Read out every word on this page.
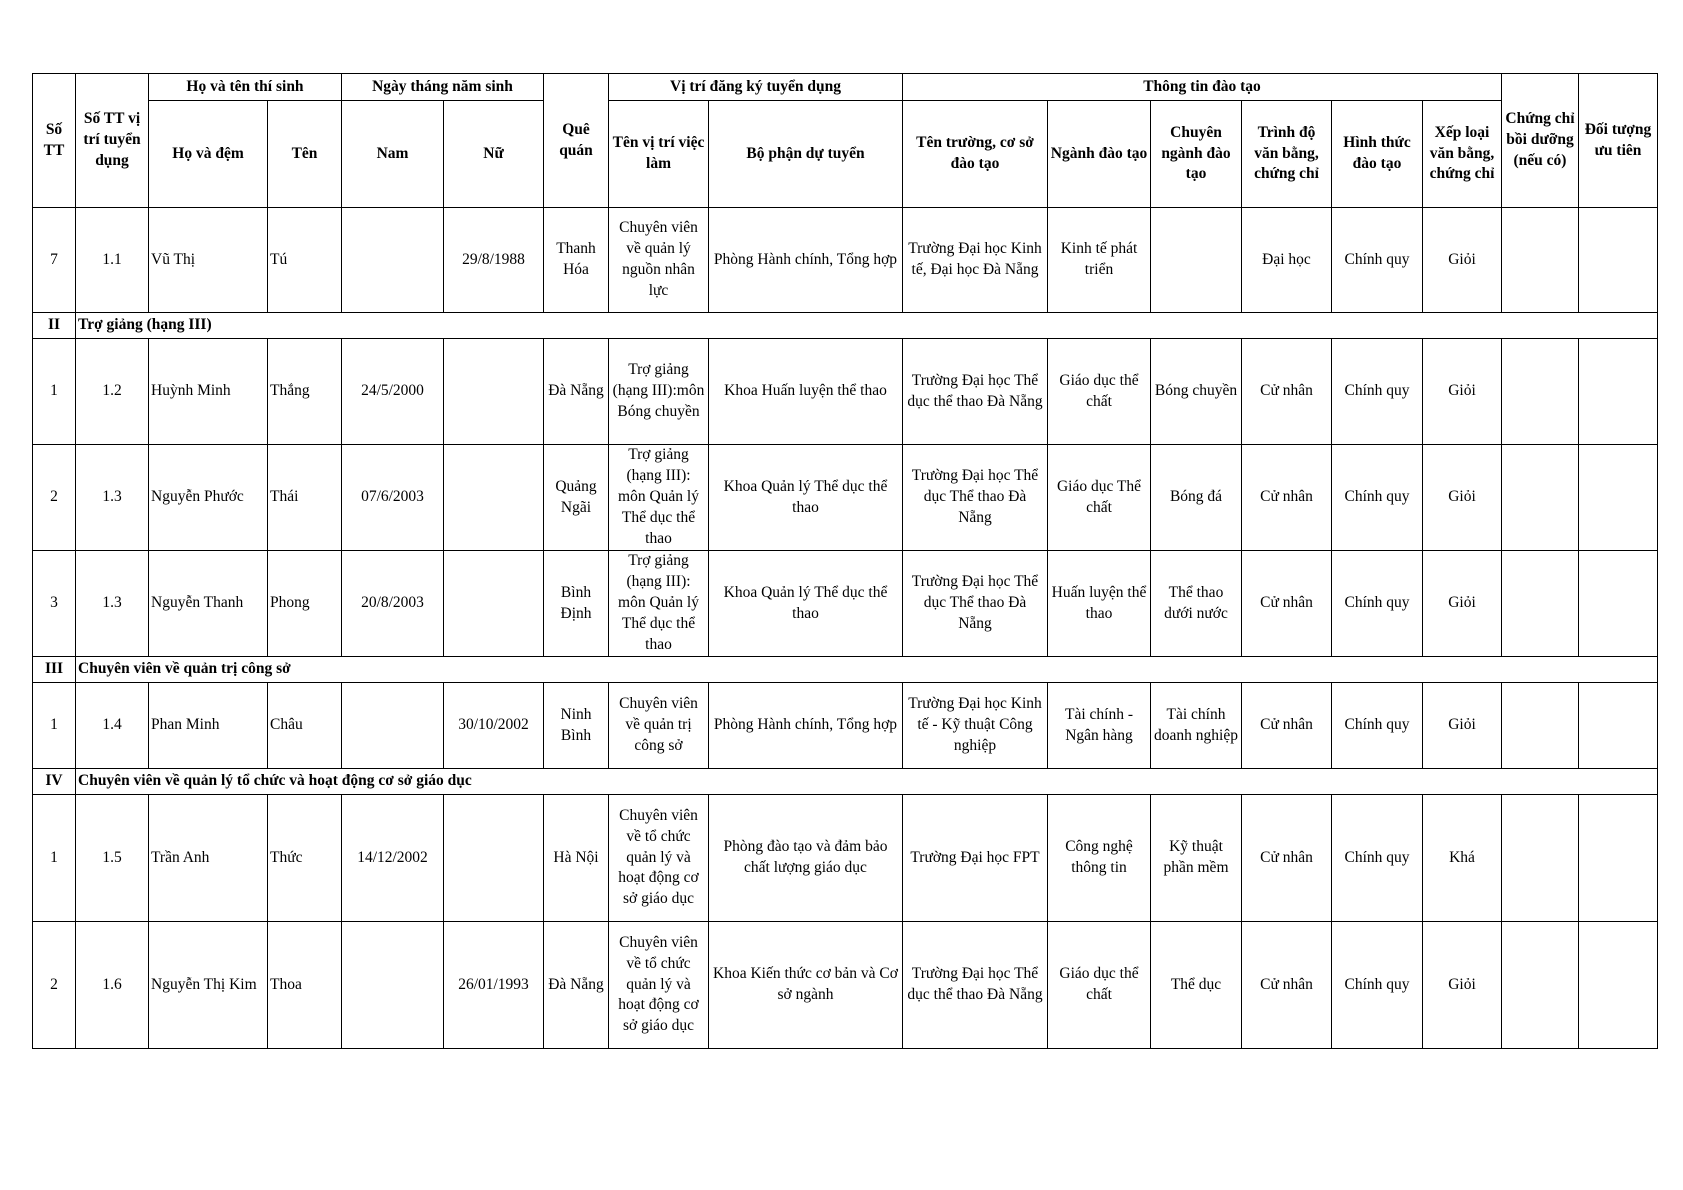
Số TT	Số TT vị trí tuyển dụng	Họ và tên thí sinh		Ngày tháng năm sinh		Quê quán	Vị trí đăng ký tuyển dụng		Thông tin đào tạo						Chứng chỉ bồi dưỡng (nếu có)	Đối tượng ưu tiên
		Họ và đệm	Tên	Nam	Nữ		Tên vị trí việc làm	Bộ phận dự tuyển	Tên trường, cơ sở đào tạo	Ngành đào tạo	Chuyên ngành đào tạo	Trình độ văn bằng, chứng chỉ	Hình thức đào tạo	Xếp loại văn bằng, chứng chỉ		
7	1.1	Vũ Thị	Tú		29/8/1988	Thanh Hóa	Chuyên viên về quản lý nguồn nhân lực	Phòng Hành chính, Tổng hợp	Trường Đại học Kinh tế, Đại học Đà Nẵng	Kinh tế phát triển		Đại học	Chính quy	Giỏi		
II	Trợ giảng (hạng III)															
1	1.2	Huỳnh Minh	Thắng	24/5/2000		Đà Nẵng	Trợ giảng (hạng III):môn Bóng chuyền	Khoa Huấn luyện thể thao	Trường Đại học Thể dục thể thao Đà Nẵng	Giáo dục thể chất	Bóng chuyền	Cử nhân	Chính quy	Giỏi		
2	1.3	Nguyễn Phước	Thái	07/6/2003		Quảng Ngãi	Trợ giảng (hạng III): môn Quản lý Thể dục thể thao	Khoa Quản lý Thể dục thể thao	Trường Đại học Thể dục Thể thao Đà Nẵng	Giáo dục Thể chất	Bóng đá	Cử nhân	Chính quy	Giỏi		
3	1.3	Nguyễn Thanh	Phong	20/8/2003		Bình Định	Trợ giảng (hạng III): môn Quản lý Thể dục thể thao	Khoa Quản lý Thể dục thể thao	Trường Đại học Thể dục Thể thao Đà Nẵng	Huấn luyện thể thao	Thể thao dưới nước	Cử nhân	Chính quy	Giỏi		
III	Chuyên viên về quản trị công sở															
1	1.4	Phan Minh	Châu		30/10/2002	Ninh Bình	Chuyên viên về quản trị công sở	Phòng Hành chính, Tổng hợp	Trường Đại học Kinh tế - Kỹ thuật Công nghiệp	Tài chính - Ngân hàng	Tài chính doanh nghiệp	Cử nhân	Chính quy	Giỏi		
IV	Chuyên viên về quản lý tổ chức và hoạt động cơ sở giáo dục															
1	1.5	Trần Anh	Thức	14/12/2002		Hà Nội	Chuyên viên về tổ chức quản lý và hoạt động cơ sở giáo dục	Phòng đào tạo và đảm bảo chất lượng giáo dục	Trường Đại học FPT	Công nghệ thông tin	Kỹ thuật phần mềm	Cử nhân	Chính quy	Khá		
2	1.6	Nguyễn Thị Kim	Thoa		26/01/1993	Đà Nẵng	Chuyên viên về tổ chức quản lý và hoạt động cơ sở giáo dục	Khoa Kiến thức cơ bản và Cơ sở ngành	Trường Đại học Thể dục thể thao Đà Nẵng	Giáo dục thể chất	Thể dục	Cử nhân	Chính quy	Giỏi		
